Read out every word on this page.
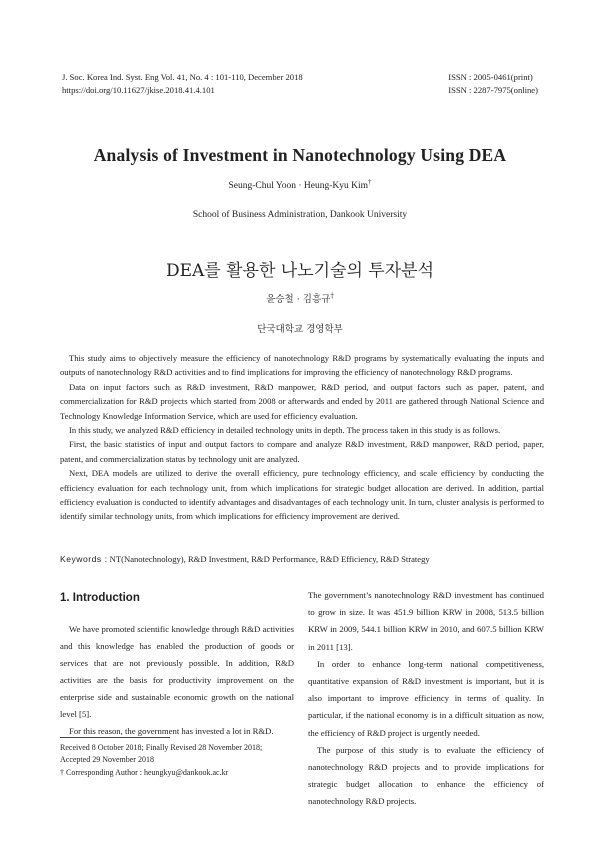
J. Soc. Korea Ind. Syst. Eng Vol. 41, No. 4 : 101-110, December 2018
https://doi.org/10.11627/jkise.2018.41.4.101
ISSN : 2005-0461(print)
ISSN : 2287-7975(online)
Analysis of Investment in Nanotechnology Using DEA
Seung-Chul Yoon · Heung-Kyu Kim†
School of Business Administration, Dankook University
DEA를 활용한 나노기술의 투자분석
윤승철 · 김흥규†
단국대학교 경영학부

This study aims to objectively measure the efficiency of nanotechnology R&D programs by systematically evaluating the inputs and outputs of nanotechnology R&D activities and to find implications for improving the efficiency of nanotechnology R&D programs.

Data on input factors such as R&D investment, R&D manpower, R&D period, and output factors such as paper, patent, and commercialization for R&D projects which started from 2008 or afterwards and ended by 2011 are gathered through National Science and Technology Knowledge Information Service, which are used for efficiency evaluation.

In this study, we analyzed R&D efficiency in detailed technology units in depth. The process taken in this study is as follows.

First, the basic statistics of input and output factors to compare and analyze R&D investment, R&D manpower, R&D period, paper, patent, and commercialization status by technology unit are analyzed.

Next, DEA models are utilized to derive the overall efficiency, pure technology efficiency, and scale efficiency by conducting the efficiency evaluation for each technology unit, from which implications for strategic budget allocation are derived. In addition, partial efficiency evaluation is conducted to identify advantages and disadvantages of each technology unit. In turn, cluster analysis is performed to identify similar technology units, from which implications for efficiency improvement are derived.

Keywords : NT(Nanotechnology), R&D Investment, R&D Performance, R&D Efficiency, R&D Strategy
1. Introduction

We have promoted scientific knowledge through R&D activities and this knowledge has enabled the production of goods or services that are not previously possible. In addition, R&D activities are the basis for productivity improvement on the enterprise side and sustainable economic growth on the national level [5].

For this reason, the government has invested a lot in R&D.

The government’s nanotechnology R&D investment has continued to grow in size. It was 451.9 billion KRW in 2008, 513.5 billion KRW in 2009, 544.1 billion KRW in 2010, and 607.5 billion KRW in 2011 [13].

In order to enhance long-term national competitiveness, quantitative expansion of R&D investment is important, but it is also important to improve efficiency in terms of quality. In particular, if the national economy is in a difficult situation as now, the efficiency of R&D project is urgently needed.

The purpose of this study is to evaluate the efficiency of nanotechnology R&D projects and to provide implications for strategic budget allocation to enhance the efficiency of nanotechnology R&D projects.

Received 8 October 2018; Finally Revised 28 November 2018;
Accepted 29 November 2018
† Corresponding Author : heungkyu@dankook.ac.kr
